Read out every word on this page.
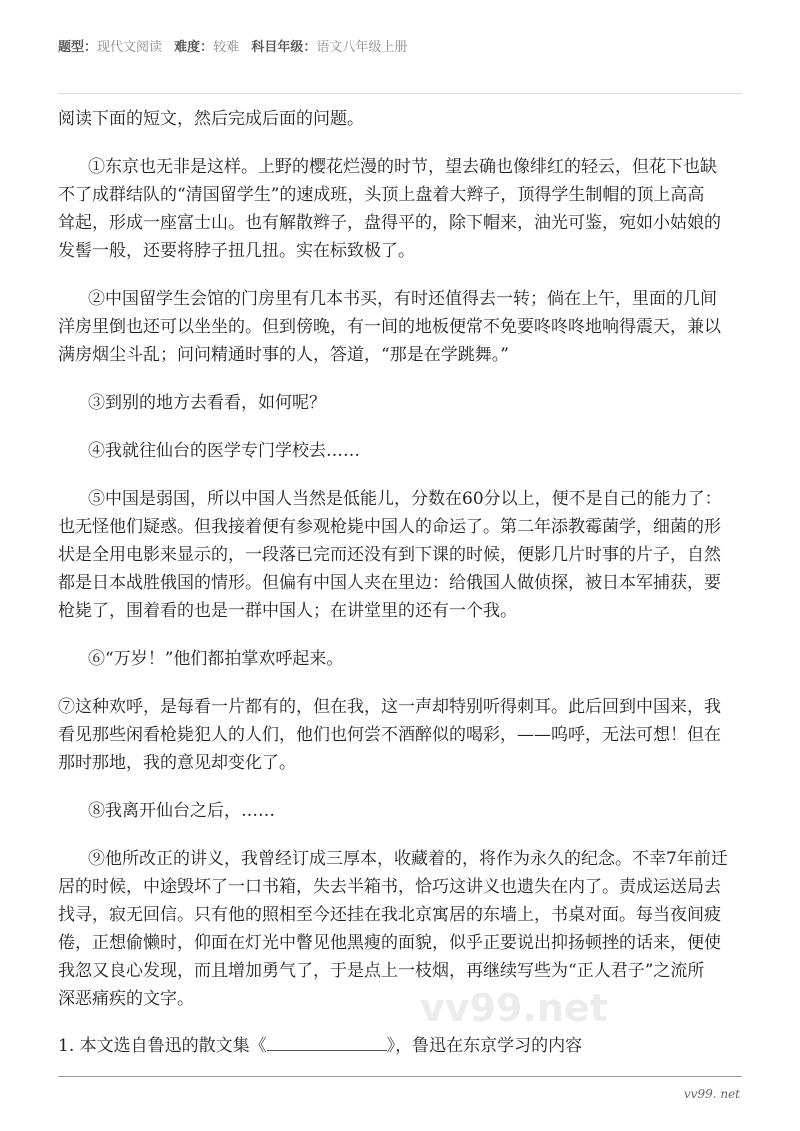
题型：现代文阅读 难度：较难 科目年级：语文八年级上册
vv99.net

阅读下面的短文，然后完成后面的问题。

①东京也无非是这样。上野的樱花烂漫的时节，望去确也像绯红的轻云，但花下也缺
不了成群结队的“清国留学生”的速成班，头顶上盘着大辫子，顶得学生制帽的顶上高高
耸起，形成一座富士山。也有解散辫子，盘得平的，除下帽来，油光可鉴，宛如小姑娘的
发髻一般，还要将脖子扭几扭。实在标致极了。

②中国留学生会馆的门房里有几本书买，有时还值得去一转；倘在上午，里面的几间
洋房里倒也还可以坐坐的。但到傍晚，有一间的地板便常不免要咚咚咚地响得震天，兼以
满房烟尘斗乱；问问精通时事的人，答道，“那是在学跳舞。”

③到别的地方去看看，如何呢？

④我就往仙台的医学专门学校去……

⑤中国是弱国，所以中国人当然是低能儿，分数在60分以上，便不是自己的能力了：
也无怪他们疑惑。但我接着便有参观枪毙中国人的命运了。第二年添教霉菌学，细菌的形
状是全用电影来显示的，一段落已完而还没有到下课的时候，便影几片时事的片子，自然
都是日本战胜俄国的情形。但偏有中国人夹在里边：给俄国人做侦探，被日本军捕获，要
枪毙了，围着看的也是一群中国人；在讲堂里的还有一个我。

⑥“万岁！”他们都拍掌欢呼起来。

⑦这种欢呼，是每看一片都有的，但在我，这一声却特别听得刺耳。此后回到中国来，我
看见那些闲看枪毙犯人的人们，他们也何尝不酒醉似的喝彩，——呜呼，无法可想！但在
那时那地，我的意见却变化了。

⑧我离开仙台之后，……

⑨他所改正的讲义，我曾经订成三厚本，收藏着的，将作为永久的纪念。不幸7年前迁
居的时候，中途毁坏了一口书箱，失去半箱书，恰巧这讲义也遗失在内了。责成运送局去
找寻，寂无回信。只有他的照相至今还挂在我北京寓居的东墙上，书桌对面。每当夜间疲
倦，正想偷懒时，仰面在灯光中瞥见他黑瘦的面貌，似乎正要说出抑扬顿挫的话来，便使
我忽又良心发现，而且增加勇气了，于是点上一枝烟，再继续写些为“正人君子”之流所
深恶痛疾的文字。

1. 本文选自鲁迅的散文集《	》，鲁迅在东京学习的内容
vv99. net
